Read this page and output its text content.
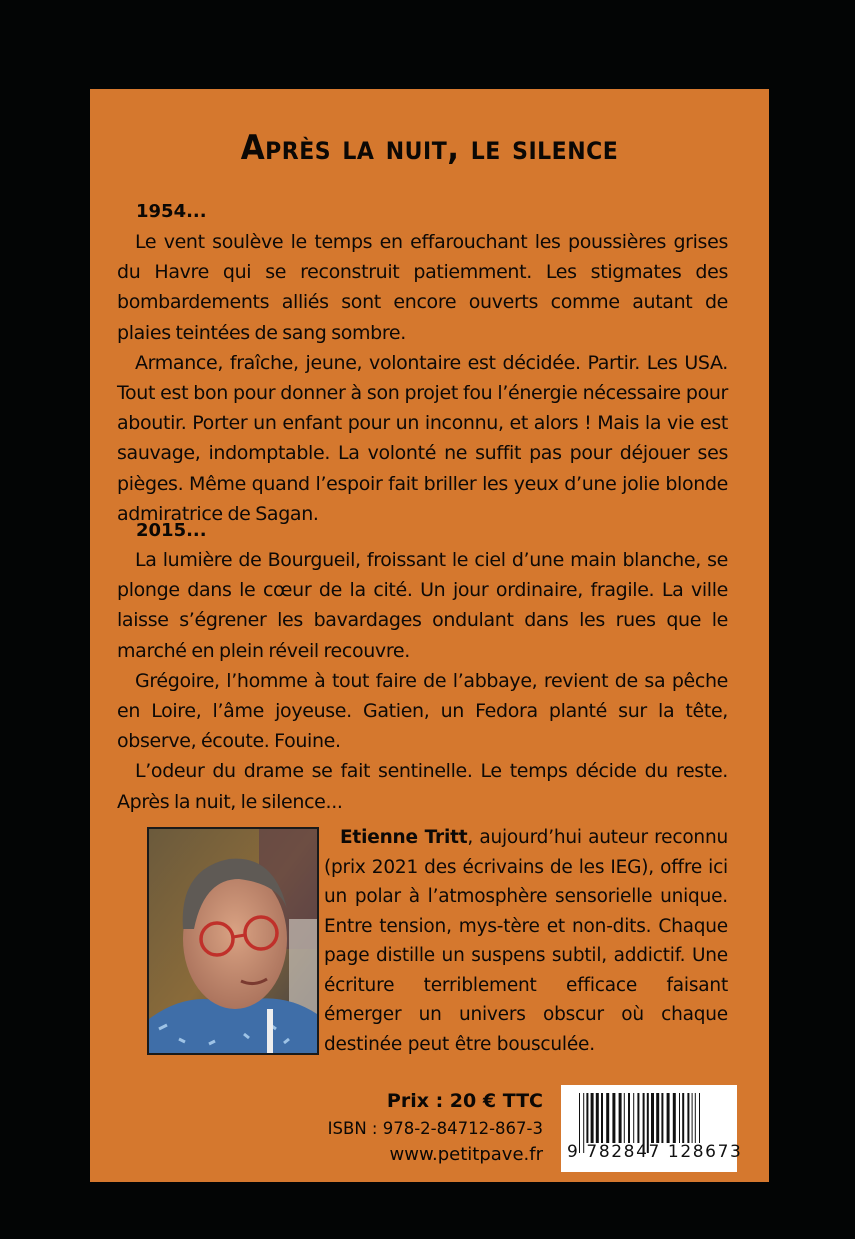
Après la nuit, le silence
1954...

Le vent soulève le temps en effarouchant les poussières grises du Havre qui se reconstruit patiemment. Les stigmates des bombardements alliés sont encore ouverts comme autant de plaies teintées de sang sombre.

Armance, fraîche, jeune, volontaire est décidée. Partir. Les USA. Tout est bon pour donner à son projet fou l’énergie nécessaire pour aboutir. Porter un enfant pour un inconnu, et alors ! Mais la vie est sauvage, indomptable. La volonté ne suffit pas pour déjouer ses pièges. Même quand l’espoir fait briller les yeux d’une jolie blonde admiratrice de Sagan.

2015...

La lumière de Bourgueil, froissant le ciel d’une main blanche, se plonge dans le cœur de la cité. Un jour ordinaire, fragile. La ville laisse s’égrener les bavardages ondulant dans les rues que le marché en plein réveil recouvre.

Grégoire, l’homme à tout faire de l’abbaye, revient de sa pêche en Loire, l’âme joyeuse. Gatien, un Fedora planté sur la tête, observe, écoute. Fouine.

L’odeur du drame se fait sentinelle. Le temps décide du reste. Après la nuit, le silence...

Etienne Tritt, aujourd’hui auteur reconnu (prix 2021 des écrivains de les IEG), offre ici un polar à l’atmosphère sensorielle unique. Entre tension, mys-tère et non-dits. Chaque page distille un suspens subtil, addictif. Une écriture terriblement efficace faisant émerger un univers obscur où chaque destinée peut être bousculée.
Prix : 20 € TTC
ISBN : 978-2-84712-867-3
www.petitpave.fr 9 782847 128673
